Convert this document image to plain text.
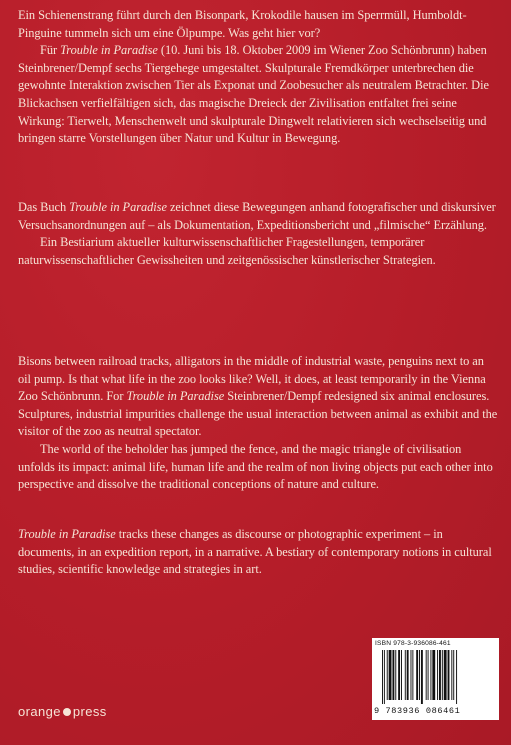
Ein Schienenstrang führt durch den Bisonpark, Krokodile hausen im Sperrmüll, Humboldt-Pinguine tummeln sich um eine Ölpumpe. Was geht hier vor?

Für Trouble in Paradise (10. Juni bis 18. Oktober 2009 im Wiener Zoo Schönbrunn) haben Steinbrener/Dempf sechs Tiergehege umgestaltet. Skulpturale Fremdkörper unterbrechen die gewohnte Interaktion zwischen Tier als Exponat und Zoobesucher als neutralem Betrachter. Die Blickachsen verfielfältigen sich, das magische Dreieck der Zivilisation entfaltet frei seine Wirkung: Tierwelt, Menschenwelt und skulpturale Dingwelt relativieren sich wechselseitig und bringen starre Vorstellungen über Natur und Kultur in Bewegung.

Das Buch Trouble in Paradise zeichnet diese Bewegungen anhand fotografischer und diskursiver Versuchsanordnungen auf – als Dokumentation, Expeditionsbericht und „filmische“ Erzählung.

Ein Bestiarium aktueller kulturwissenschaftlicher Fragestellungen, temporärer naturwissenschaftlicher Gewissheiten und zeitgenössischer künstlerischer Strategien.

Bisons between railroad tracks, alligators in the middle of industrial waste, penguins next to an oil pump. Is that what life in the zoo looks like? Well, it does, at least temporarily in the Vienna Zoo Schönbrunn. For Trouble in Paradise Steinbrener/Dempf redesigned six animal enclosures. Sculptures, industrial impurities challenge the usual interaction between animal as exhibit and the visitor of the zoo as neutral spectator.

The world of the beholder has jumped the fence, and the magic triangle of civilisation unfolds its impact: animal life, human life and the realm of non living objects put each other into perspective and dissolve the traditional conceptions of nature and culture.

Trouble in Paradise tracks these changes as discourse or photographic experiment – in documents, in an expedition report, in a narrative. A bestiary of contemporary notions in cultural studies, scientific knowledge and strategies in art.

ISBN 978-3-936086-461
9 783936 086461
orange press
